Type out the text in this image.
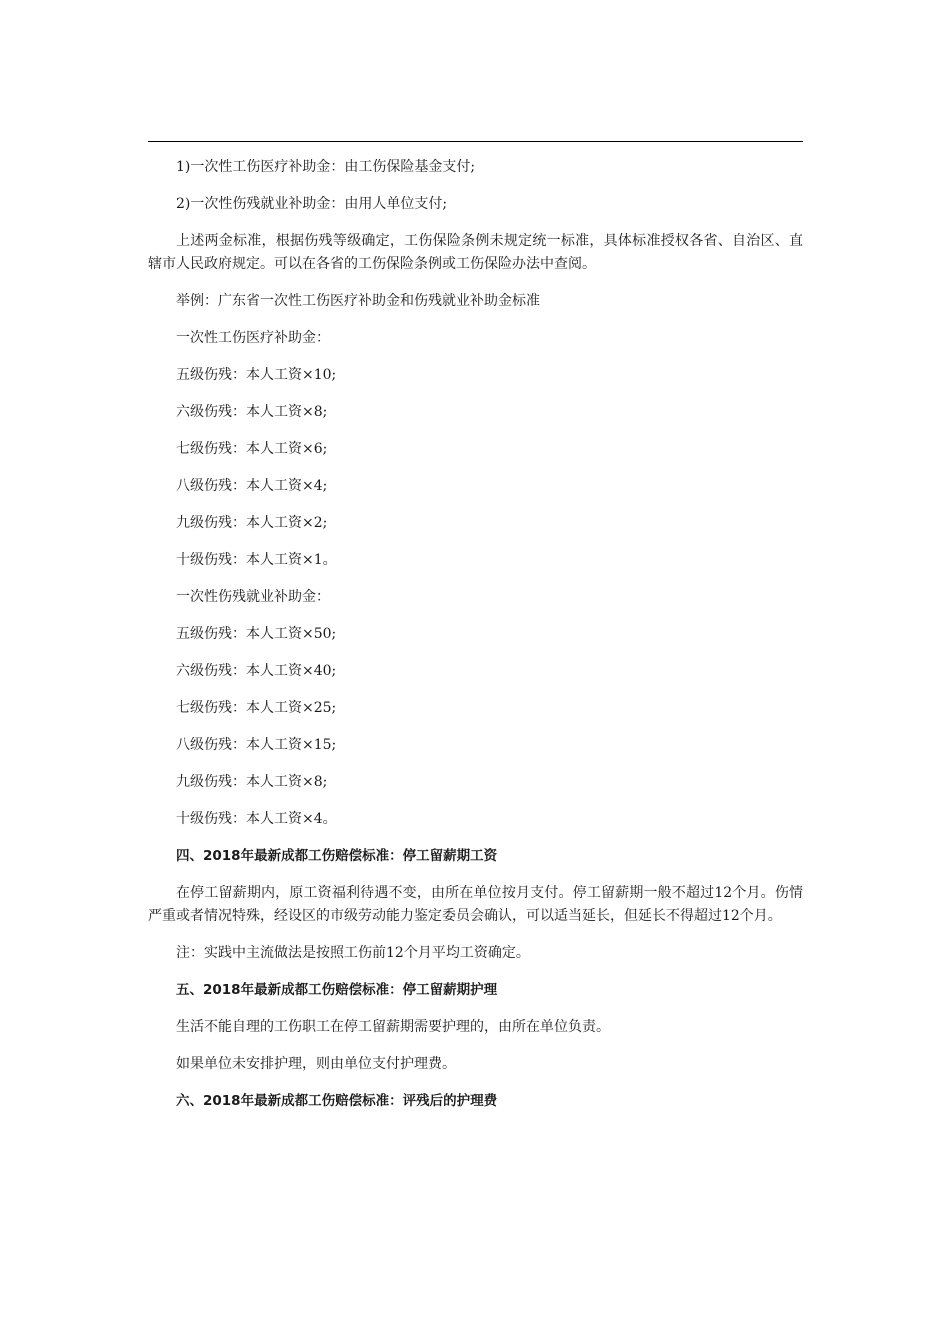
1)一次性工伤医疗补助金：由工伤保险基金支付;

2)一次性伤残就业补助金：由用人单位支付;

上述两金标准，根据伤残等级确定，工伤保险条例未规定统一标准，具体标准授权各省、自治区、直辖市人民政府规定。可以在各省的工伤保险条例或工伤保险办法中查阅。

举例：广东省一次性工伤医疗补助金和伤残就业补助金标准

一次性工伤医疗补助金：

五级伤残：本人工资×10;

六级伤残：本人工资×8;

七级伤残：本人工资×6;

八级伤残：本人工资×4;

九级伤残：本人工资×2;

十级伤残：本人工资×1。

一次性伤残就业补助金：

五级伤残：本人工资×50;

六级伤残：本人工资×40;

七级伤残：本人工资×25;

八级伤残：本人工资×15;

九级伤残：本人工资×8;

十级伤残：本人工资×4。

四、2018年最新成都工伤赔偿标准：停工留薪期工资

在停工留薪期内，原工资福利待遇不变，由所在单位按月支付。停工留薪期一般不超过12个月。伤情严重或者情况特殊，经设区的市级劳动能力鉴定委员会确认，可以适当延长，但延长不得超过12个月。

注：实践中主流做法是按照工伤前12个月平均工资确定。

五、2018年最新成都工伤赔偿标准：停工留薪期护理

生活不能自理的工伤职工在停工留薪期需要护理的，由所在单位负责。

如果单位未安排护理，则由单位支付护理费。

六、2018年最新成都工伤赔偿标准：评残后的护理费
